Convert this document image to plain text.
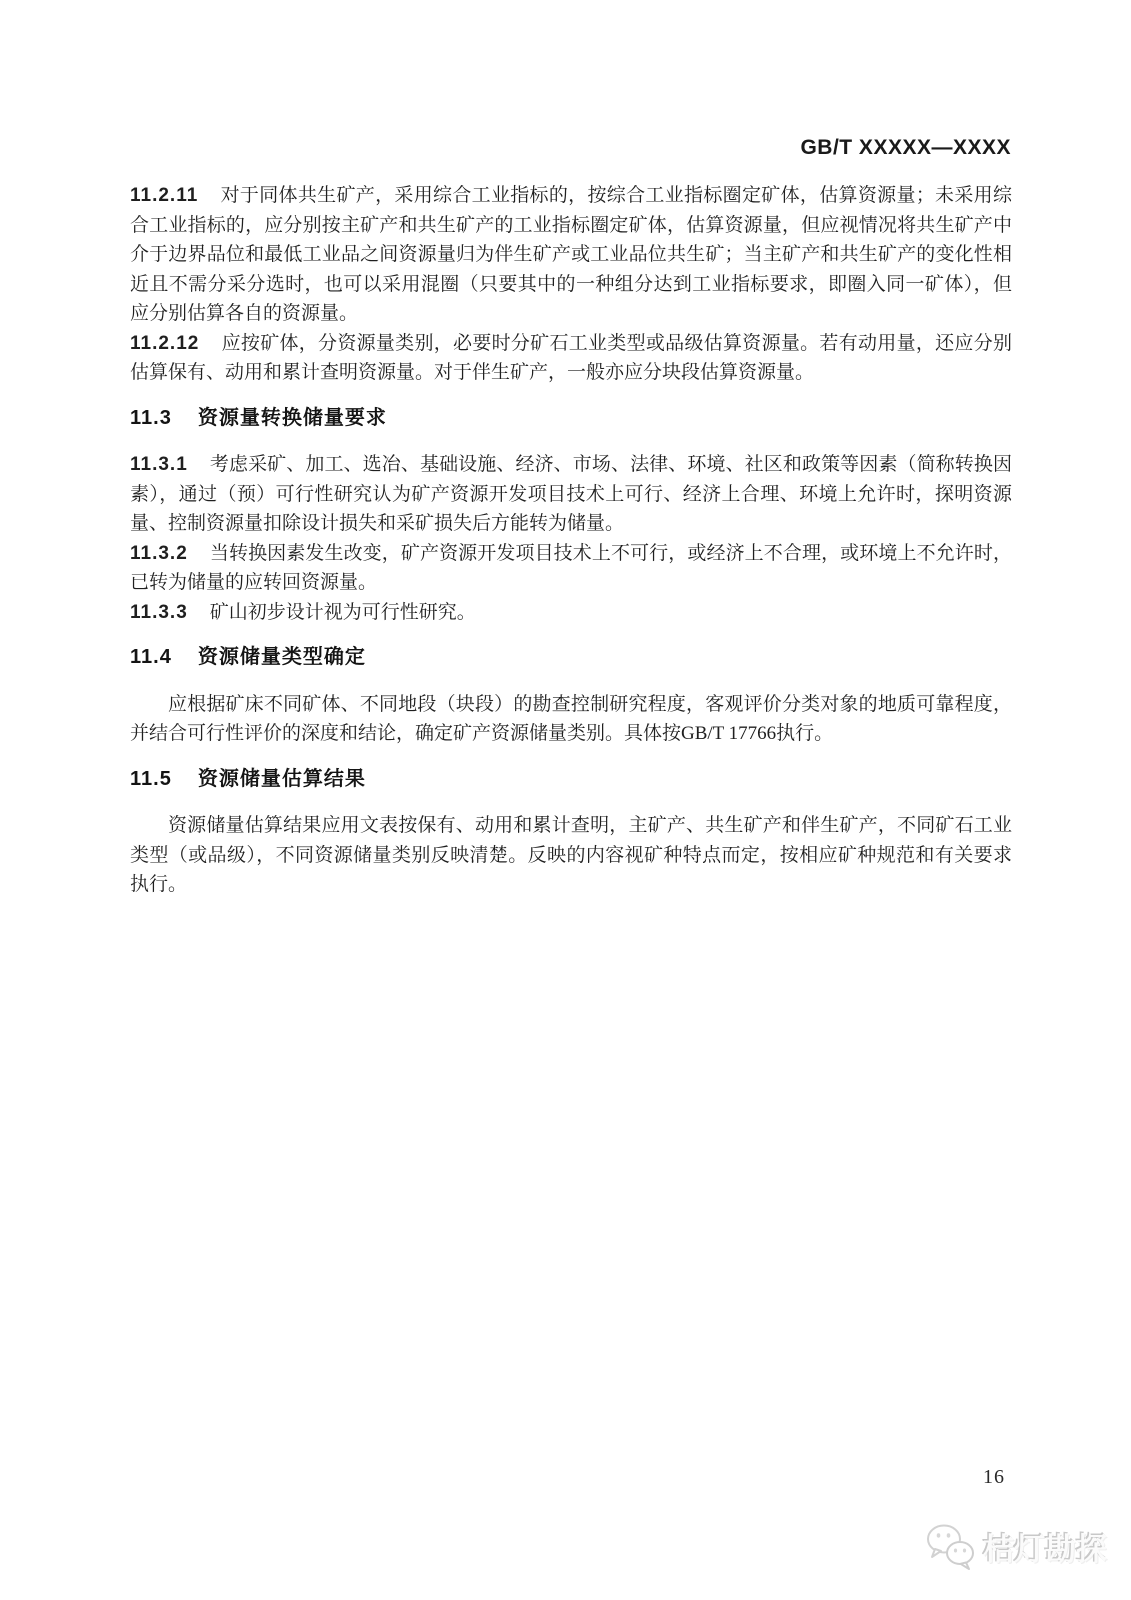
GB/T XXXXX—XXXX

11.2.11 对于同体共生矿产，采用综合工业指标的，按综合工业指标圈定矿体，估算资源量；未采用综合工业指标的，应分别按主矿产和共生矿产的工业指标圈定矿体，估算资源量，但应视情况将共生矿产中介于边界品位和最低工业品之间资源量归为伴生矿产或工业品位共生矿；当主矿产和共生矿产的变化性相近且不需分采分选时，也可以采用混圈（只要其中的一种组分达到工业指标要求，即圈入同一矿体），但应分别估算各自的资源量。

11.2.12 应按矿体，分资源量类别，必要时分矿石工业类型或品级估算资源量。若有动用量，还应分别估算保有、动用和累计查明资源量。对于伴生矿产，一般亦应分块段估算资源量。

11.3 资源量转换储量要求

11.3.1 考虑采矿、加工、选冶、基础设施、经济、市场、法律、环境、社区和政策等因素（简称转换因素），通过（预）可行性研究认为矿产资源开发项目技术上可行、经济上合理、环境上允许时，探明资源量、控制资源量扣除设计损失和采矿损失后方能转为储量。

11.3.2 当转换因素发生改变，矿产资源开发项目技术上不可行，或经济上不合理，或环境上不允许时，已转为储量的应转回资源量。

11.3.3 矿山初步设计视为可行性研究。

11.4 资源储量类型确定

应根据矿床不同矿体、不同地段（块段）的勘查控制研究程度，客观评价分类对象的地质可靠程度，并结合可行性评价的深度和结论，确定矿产资源储量类别。具体按GB/T 17766执行。

11.5 资源储量估算结果

资源储量估算结果应用文表按保有、动用和累计查明，主矿产、共生矿产和伴生矿产，不同矿石工业类型（或品级），不同资源储量类别反映清楚。反映的内容视矿种特点而定，按相应矿种规范和有关要求执行。

16
桔灯勘探
